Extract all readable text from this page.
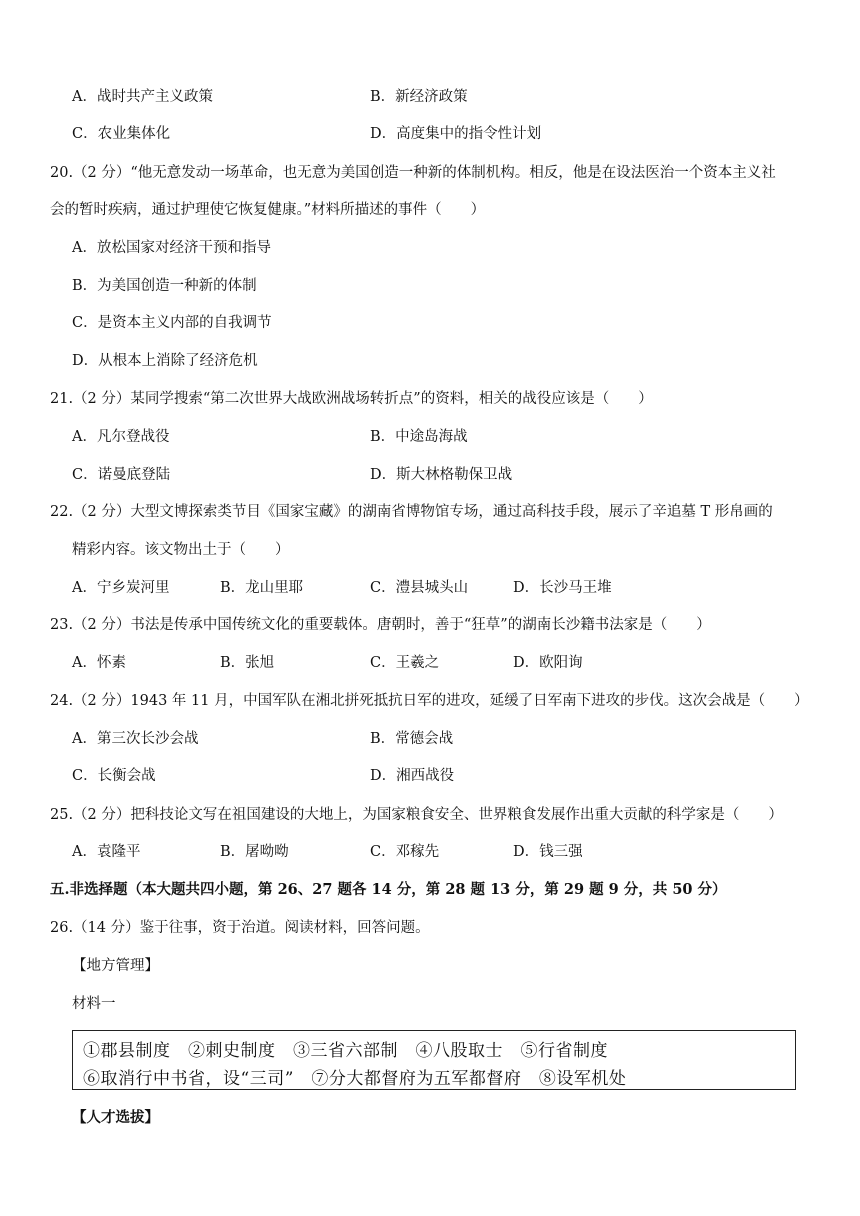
A．战时共产主义政策	B．新经济政策
C．农业集体化	D．高度集中的指令性计划
20.（2 分）“他无意发动一场革命，也无意为美国创造一种新的体制机构。相反，他是在设法医治一个资本主义社
会的暂时疾病，通过护理使它恢复健康。”材料所描述的事件（　　）
A．放松国家对经济干预和指导
B．为美国创造一种新的体制
C．是资本主义内部的自我调节
D．从根本上消除了经济危机
21.（2 分）某同学搜索“第二次世界大战欧洲战场转折点”的资料，相关的战役应该是（　　）
A．凡尔登战役	B．中途岛海战
C．诺曼底登陆	D．斯大林格勒保卫战
22.（2 分）大型文博探索类节目《国家宝藏》的湖南省博物馆专场，通过高科技手段，展示了辛追墓 T 形帛画的
精彩内容。该文物出土于（　　）
A．宁乡炭河里	B．龙山里耶	C．澧县城头山	D．长沙马王堆
23.（2 分）书法是传承中国传统文化的重要载体。唐朝时，善于“狂草”的湖南长沙籍书法家是（　　）
A．怀素	B．张旭	C．王羲之	D．欧阳询
24.（2 分）1943 年 11 月，中国军队在湘北拼死抵抗日军的进攻，延缓了日军南下进攻的步伐。这次会战是（　　）
A．第三次长沙会战	B．常德会战
C．长衡会战	D．湘西战役
25.（2 分）把科技论文写在祖国建设的大地上，为国家粮食安全、世界粮食发展作出重大贡献的科学家是（　　）
A．袁隆平	B．屠呦呦	C．邓稼先	D．钱三强
五.非选择题（本大题共四小题，第 26、27 题各 14 分，第 28 题 13 分，第 29 题 9 分，共 50 分）
26.（14 分）鉴于往事，资于治道。阅读材料，回答问题。
【地方管理】
材料一
①郡县制度　②刺史制度　③三省六部制　④八股取士　⑤行省制度
⑥取消行中书省，设“三司”　⑦分大都督府为五军都督府　⑧设军机处
【人才选拔】
